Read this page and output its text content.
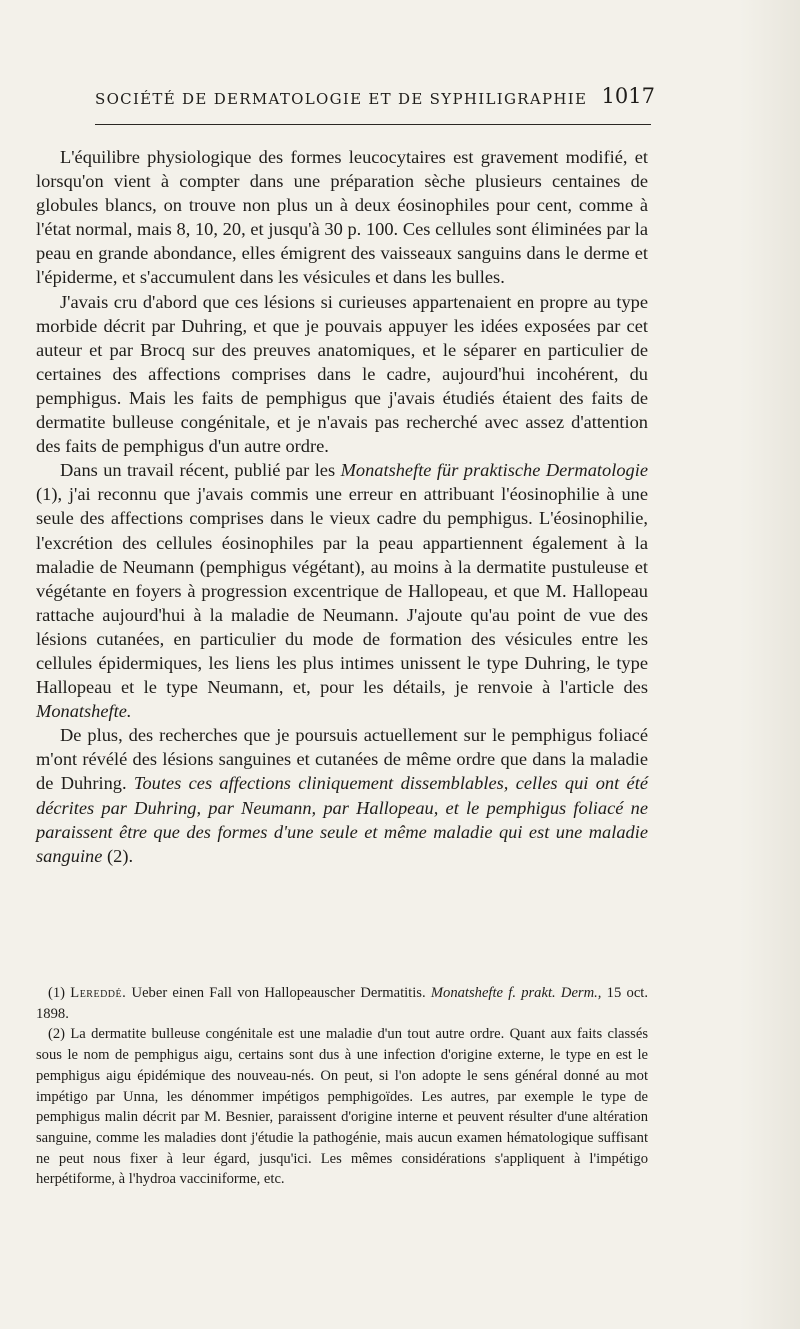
SOCIÉTÉ DE DERMATOLOGIE ET DE SYPHILIGRAPHIE 1017

L'équilibre physiologique des formes leucocytaires est gravement modifié, et lorsqu'on vient à compter dans une préparation sèche plusieurs centaines de globules blancs, on trouve non plus un à deux éosinophiles pour cent, comme à l'état normal, mais 8, 10, 20, et jusqu'à 30 p. 100. Ces cellules sont éliminées par la peau en grande abondance, elles émigrent des vaisseaux sanguins dans le derme et l'épiderme, et s'accumulent dans les vésicules et dans les bulles.

J'avais cru d'abord que ces lésions si curieuses appartenaient en propre au type morbide décrit par Duhring, et que je pouvais appuyer les idées exposées par cet auteur et par Brocq sur des preuves anatomiques, et le séparer en particulier de certaines des affections comprises dans le cadre, aujourd'hui incohérent, du pemphigus. Mais les faits de pemphigus que j'avais étudiés étaient des faits de dermatite bulleuse congénitale, et je n'avais pas recherché avec assez d'attention des faits de pemphigus d'un autre ordre.

Dans un travail récent, publié par les Monatshefte für praktische Dermatologie (1), j'ai reconnu que j'avais commis une erreur en attribuant l'éosinophilie à une seule des affections comprises dans le vieux cadre du pemphigus. L'éosinophilie, l'excrétion des cellules éosinophiles par la peau appartiennent également à la maladie de Neumann (pemphigus végétant), au moins à la dermatite pustuleuse et végétante en foyers à progression excentrique de Hallopeau, et que M. Hallopeau rattache aujourd'hui à la maladie de Neumann. J'ajoute qu'au point de vue des lésions cutanées, en particulier du mode de formation des vésicules entre les cellules épidermiques, les liens les plus intimes unissent le type Duhring, le type Hallopeau et le type Neumann, et, pour les détails, je renvoie à l'article des Monatshefte.

De plus, des recherches que je poursuis actuellement sur le pemphigus foliacé m'ont révélé des lésions sanguines et cutanées de même ordre que dans la maladie de Duhring. Toutes ces affections cliniquement dissemblables, celles qui ont été décrites par Duhring, par Neumann, par Hallopeau, et le pemphigus foliacé ne paraissent être que des formes d'une seule et même maladie qui est une maladie sanguine (2).

(1) Lereddé. Ueber einen Fall von Hallopeauscher Dermatitis. Monatshefte f. prakt. Derm., 15 oct. 1898.

(2) La dermatite bulleuse congénitale est une maladie d'un tout autre ordre. Quant aux faits classés sous le nom de pemphigus aigu, certains sont dus à une infection d'origine externe, le type en est le pemphigus aigu épidémique des nouveau-nés. On peut, si l'on adopte le sens général donné au mot impétigo par Unna, les dénommer impétigos pemphigoïdes. Les autres, par exemple le type de pemphigus malin décrit par M. Besnier, paraissent d'origine interne et peuvent résulter d'une altération sanguine, comme les maladies dont j'étudie la pathogénie, mais aucun examen hématologique suffisant ne peut nous fixer à leur égard, jusqu'ici. Les mêmes considérations s'appliquent à l'impétigo herpétiforme, à l'hydroa vacciniforme, etc.
